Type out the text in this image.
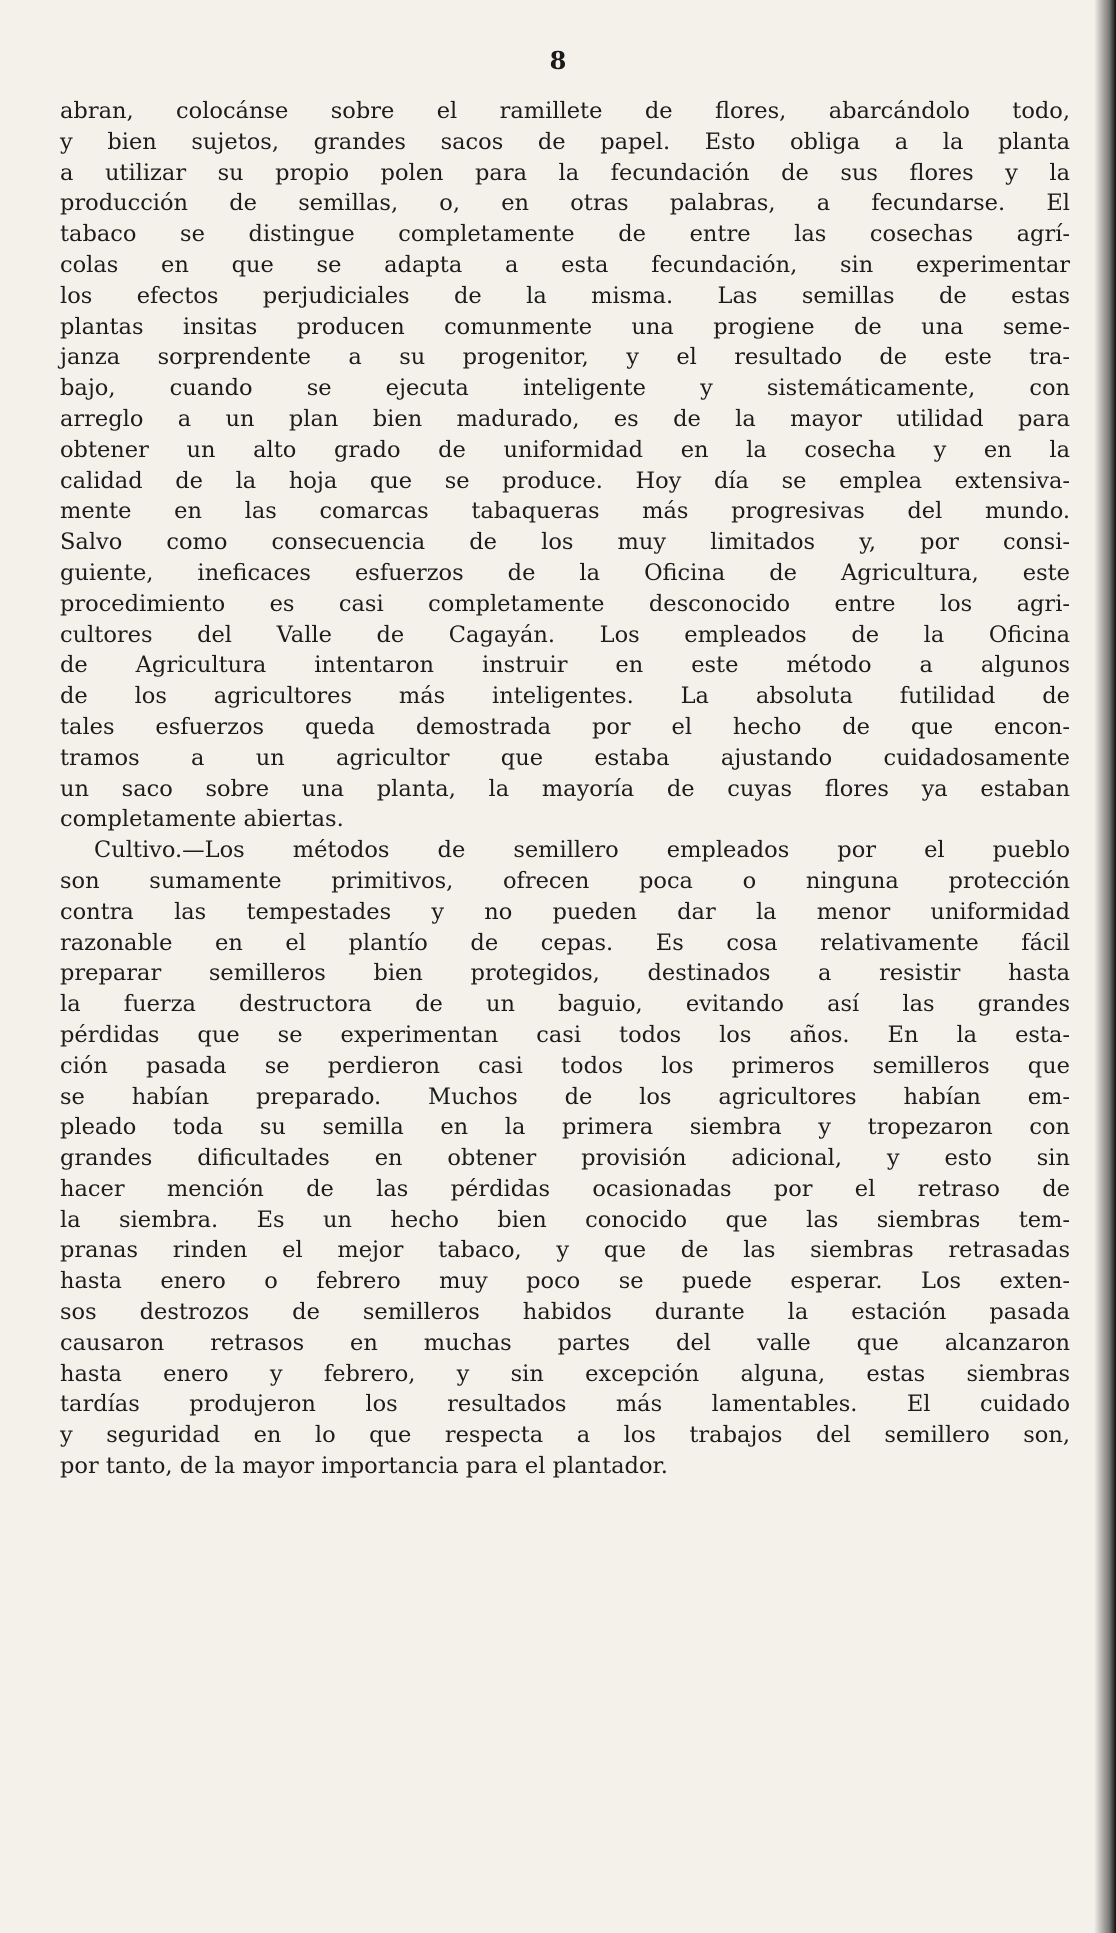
8
abran, colocánse sobre el ramillete de flores, abarcándolo todo,
y bien sujetos, grandes sacos de papel. Esto obliga a la planta
a utilizar su propio polen para la fecundación de sus flores y la
producción de semillas, o, en otras palabras, a fecundarse. El
tabaco se distingue completamente de entre las cosechas agrí-
colas en que se adapta a esta fecundación, sin experimentar
los efectos perjudiciales de la misma. Las semillas de estas
plantas insitas producen comunmente una progiene de una seme-
janza sorprendente a su progenitor, y el resultado de este tra-
bajo, cuando se ejecuta inteligente y sistemáticamente, con
arreglo a un plan bien madurado, es de la mayor utilidad para
obtener un alto grado de uniformidad en la cosecha y en la
calidad de la hoja que se produce. Hoy día se emplea extensiva-
mente en las comarcas tabaqueras más progresivas del mundo.
Salvo como consecuencia de los muy limitados y, por consi-
guiente, ineficaces esfuerzos de la Oficina de Agricultura, este
procedimiento es casi completamente desconocido entre los agri-
cultores del Valle de Cagayán. Los empleados de la Oficina
de Agricultura intentaron instruir en este método a algunos
de los agricultores más inteligentes. La absoluta futilidad de
tales esfuerzos queda demostrada por el hecho de que encon-
tramos a un agricultor que estaba ajustando cuidadosamente
un saco sobre una planta, la mayoría de cuyas flores ya estaban
completamente abiertas.
Cultivo.—Los métodos de semillero empleados por el pueblo
son sumamente primitivos, ofrecen poca o ninguna protección
contra las tempestades y no pueden dar la menor uniformidad
razonable en el plantío de cepas. Es cosa relativamente fácil
preparar semilleros bien protegidos, destinados a resistir hasta
la fuerza destructora de un baguio, evitando así las grandes
pérdidas que se experimentan casi todos los años. En la esta-
ción pasada se perdieron casi todos los primeros semilleros que
se habían preparado. Muchos de los agricultores habían em-
pleado toda su semilla en la primera siembra y tropezaron con
grandes dificultades en obtener provisión adicional, y esto sin
hacer mención de las pérdidas ocasionadas por el retraso de
la siembra. Es un hecho bien conocido que las siembras tem-
pranas rinden el mejor tabaco, y que de las siembras retrasadas
hasta enero o febrero muy poco se puede esperar. Los exten-
sos destrozos de semilleros habidos durante la estación pasada
causaron retrasos en muchas partes del valle que alcanzaron
hasta enero y febrero, y sin excepción alguna, estas siembras
tardías produjeron los resultados más lamentables. El cuidado
y seguridad en lo que respecta a los trabajos del semillero son,
por tanto, de la mayor importancia para el plantador.
